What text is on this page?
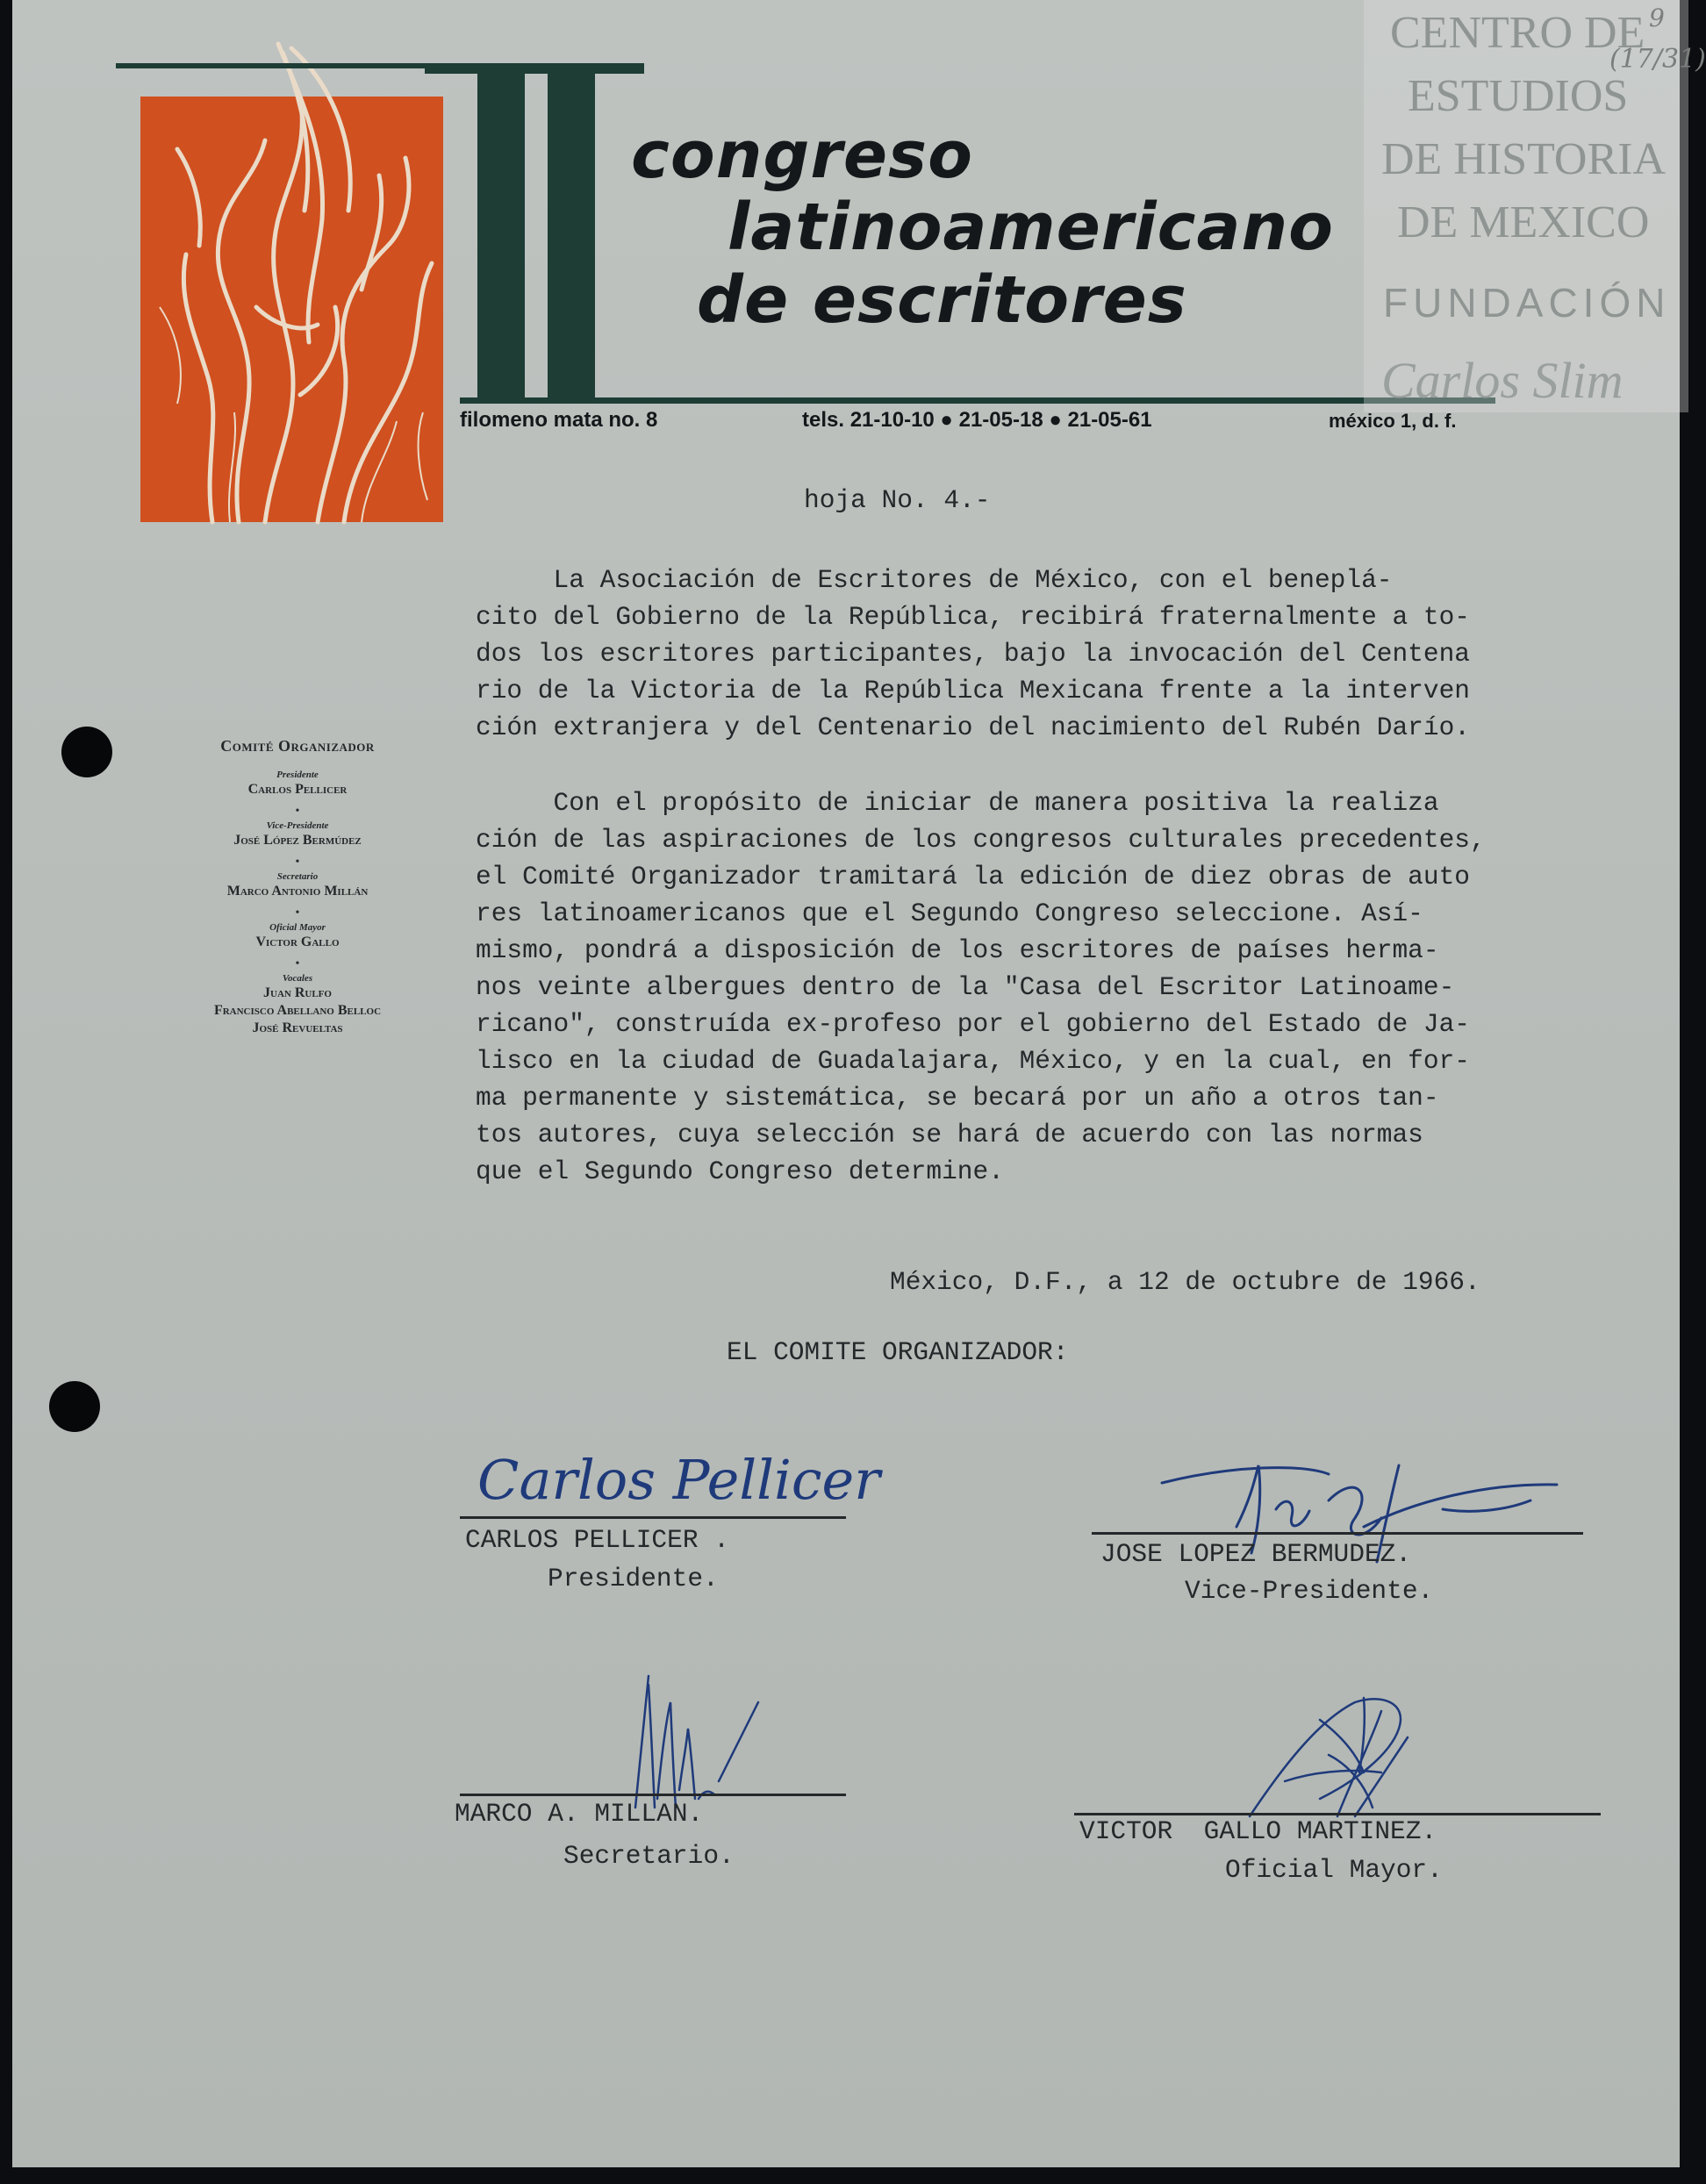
congreso
latinoamericano
de escritores
filomeno mata no. 8	tels. 21-10-10 ● 21-05-18 ● 21-05-61	méxico 1, d. f.
CENTRO DE
ESTUDIOS
DE HISTORIA
DE MEXICO
FUNDACIÓN
Carlos Slim
(17/31)
9
Comité Organizador
Presidente
Carlos Pellicer
•
Vice-Presidente
José López Bermúdez
•
Secretario
Marco Antonio Millán
•
Oficial Mayor
Victor Gallo
•
Vocales
Juan Rulfo
Francisco Abellano Belloc
José Revueltas
hoja No. 4.-
La Asociación de Escritores de México, con el beneplá-
cito del Gobierno de la República, recibirá fraternalmente a to-
dos los escritores participantes, bajo la invocación del Centena
rio de la Victoria de la República Mexicana frente a la interven
ción extranjera y del Centenario del nacimiento del Rubén Darío.
Con el propósito de iniciar de manera positiva la realiza
ción de las aspiraciones de los congresos culturales precedentes,
el Comité Organizador tramitará la edición de diez obras de auto
res latinoamericanos que el Segundo Congreso seleccione. Así-
mismo, pondrá a disposición de los escritores de países herma-
nos veinte albergues dentro de la "Casa del Escritor Latinoame-
ricano", construída ex-profeso por el gobierno del Estado de Ja-
lisco en la ciudad de Guadalajara, México, y en la cual, en for-
ma permanente y sistemática, se becará por un año a otros tan-
tos autores, cuya selección se hará de acuerdo con las normas
que el Segundo Congreso determine.
México, D.F., a 12 de octubre de 1966.
EL COMITE ORGANIZADOR:
Carlos Pellicer
CARLOS PELLICER .
Presidente.
JOSE LOPEZ BERMUDEZ.
Vice-Presidente.
MARCO A. MILLAN.
Secretario.
VICTOR  GALLO MARTINEZ.
Oficial Mayor.
